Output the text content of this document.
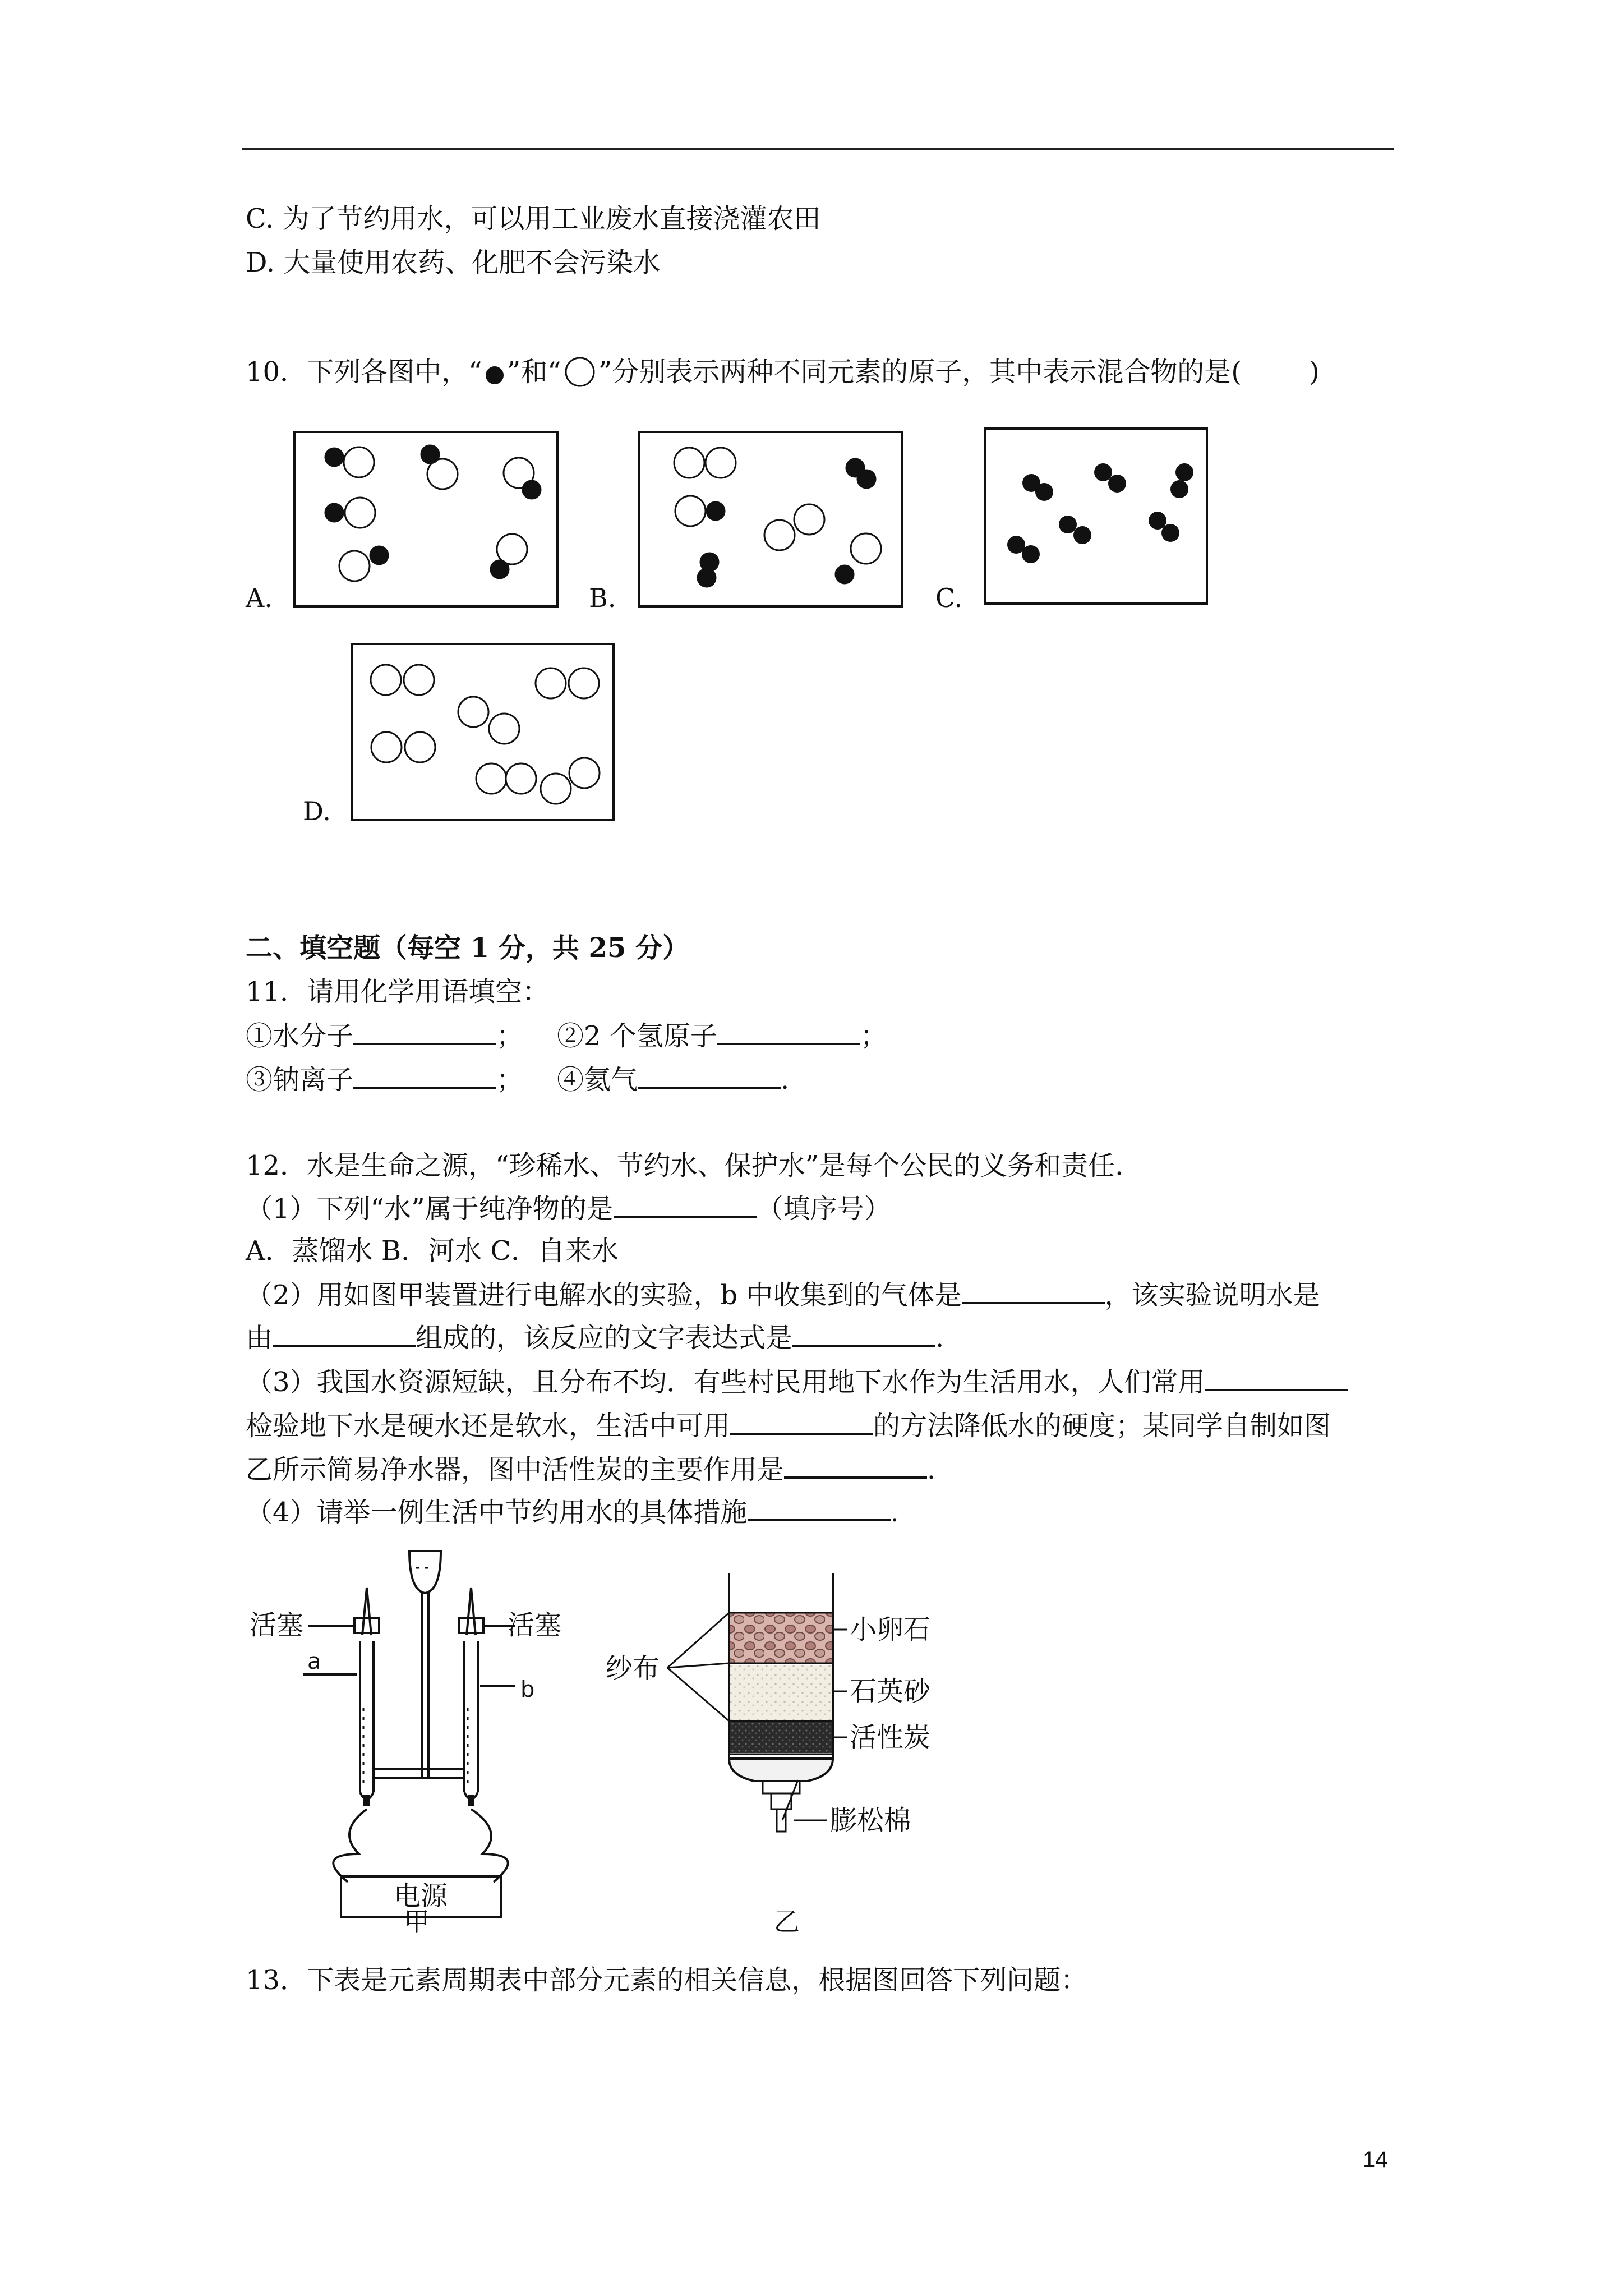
C. 为了节约用水，可以用工业废水直接浇灌农田
D. 大量使用农药、化肥不会污染水
10．下列各图中，“ ”和“ ”分别表示两种不同元素的原子，其中表示混合物的是(	)
A.	B.	C.
D.
二、填空题（每空 1 分，共 25 分）
11．请用化学用语填空：
①水分子	； ②2 个氢原子	；
③钠离子	； ④氦气	.
12．水是生命之源，“珍稀水、节约水、保护水”是每个公民的义务和责任.
（1）下列“水”属于纯净物的是	（填序号）
A．蒸馏水 B．河水 C．自来水
（2）用如图甲装置进行电解水的实验，b 中收集到的气体是	，该实验说明水是
由	组成的，该反应的文字表达式是	.
（3）我国水资源短缺，且分布不均．有些村民用地下水作为生活用水，人们常用
检验地下水是硬水还是软水，生活中可用	的方法降低水的硬度；某同学自制如图
乙所示简易净水器，图中活性炭的主要作用是	.
（4）请举一例生活中节约用水的具体措施	.
活塞	活塞
a
b
电源
甲
小卵石
石英砂
活性炭
膨松棉
纱布
乙
13．下表是元素周期表中部分元素的相关信息，根据图回答下列问题：
14
